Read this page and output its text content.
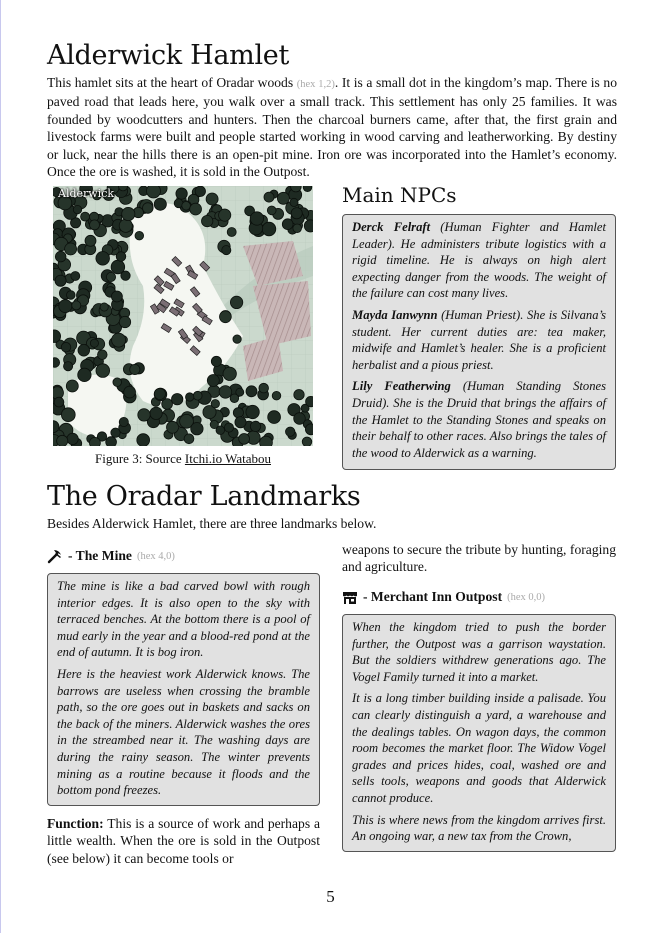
Alderwick Hamlet
This hamlet sits at the heart of Oradar woods (hex 1,2). It is a small dot in the kingdom’s map. There is no paved road that leads here, you walk over a small track. This settlement has only 25 families. It was founded by woodcutters and hunters. Then the charcoal burners came, after that, the first grain and livestock farms were built and people started working in wood carving and leatherworking. By destiny or luck, near the hills there is an open-pit mine. Iron ore was incorporated into the Hamlet’s economy. Once the ore is washed, it is sold in the Outpost.
Alderwick
Figure 3: Source Itchi.io Watabou
Main NPCs

Derck Felraft (Human Fighter and Hamlet Leader). He administers tribute logistics with a rigid timeline. He is always on high alert expecting danger from the woods. The weight of the failure can cost many lives.

Mayda Ianwynn (Human Priest). She is Silvana’s student. Her current duties are: tea maker, midwife and Hamlet’s healer. She is a proficient herbalist and a pious priest.

Lily Featherwing (Human Standing Stones Druid). She is the Druid that brings the affairs of the Hamlet to the Standing Stones and speaks on their behalf to other races. Also brings the tales of the wood to Alderwick as a warning.

The Oradar Landmarks
Besides Alderwick Hamlet, there are three landmarks below.
- The Mine (hex 4,0)

The mine is like a bad carved bowl with rough interior edges. It is also open to the sky with terraced benches. At the bottom there is a pool of mud early in the year and a blood-red pond at the end of autumn. It is bog iron.

Here is the heaviest work Alderwick knows. The barrows are useless when crossing the bramble path, so the ore goes out in baskets and sacks on the back of the miners. Alderwick washes the ores in the streambed near it. The washing days are during the rainy season. The winter prevents mining as a routine because it floods and the bottom pond freezes.

Function: This is a source of work and perhaps a little wealth. When the ore is sold in the Outpost (see below) it can become tools or
weapons to secure the tribute by hunting, foraging and agriculture.
- Merchant Inn Outpost (hex 0,0)

When the kingdom tried to push the border further, the Outpost was a garrison waystation. But the soldiers withdrew generations ago. The Vogel Family turned it into a market.

It is a long timber building inside a palisade. You can clearly distinguish a yard, a warehouse and the dealings tables. On wagon days, the common room becomes the market floor. The Widow Vogel grades and prices hides, coal, washed ore and sells tools, weapons and goods that Alderwick cannot produce.

This is where news from the kingdom arrives first. An ongoing war, a new tax from the Crown,

5
